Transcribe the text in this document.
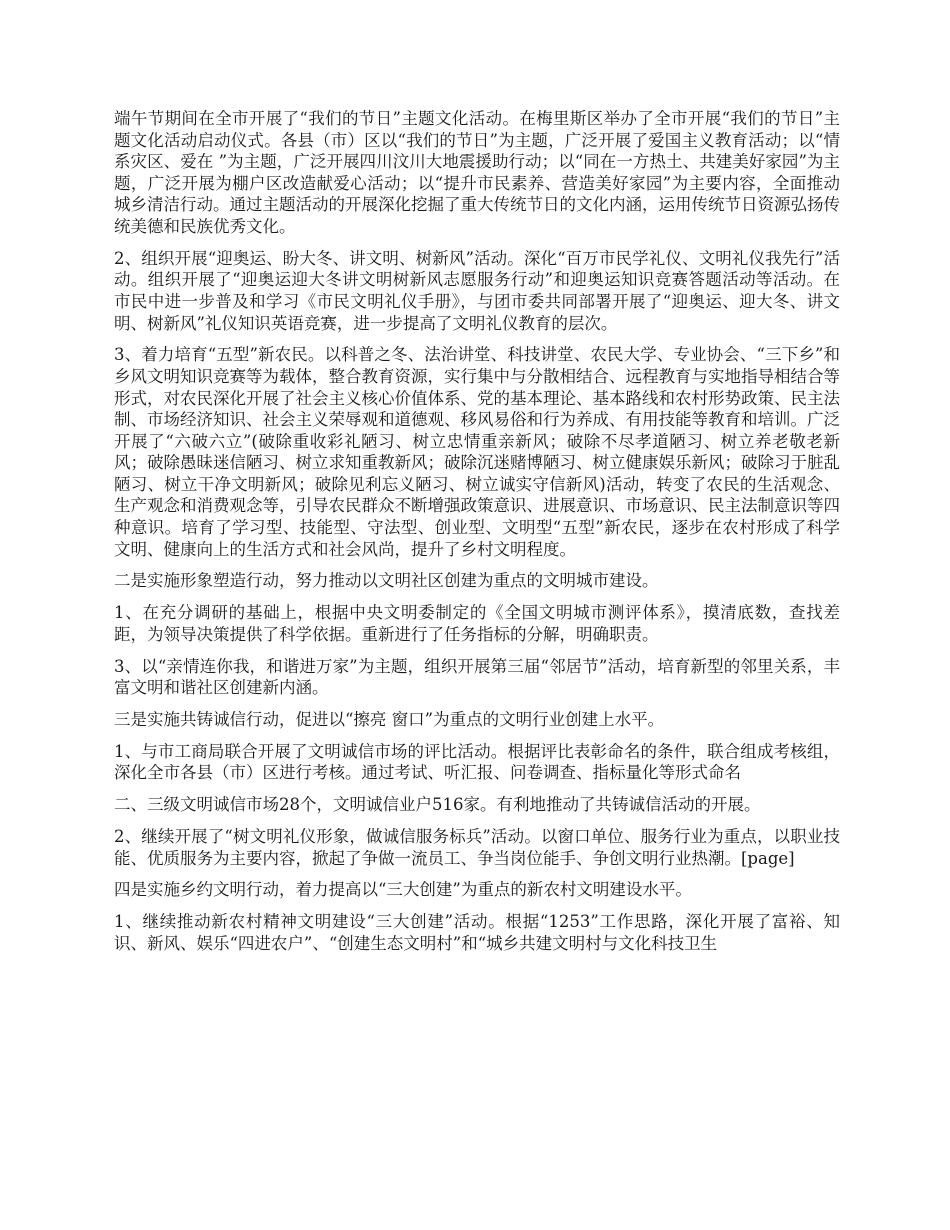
端午节期间在全市开展了“我们的节日”主题文化活动。在梅里斯区举办了全市开展“我们的节日”主题文化活动启动仪式。各县（市）区以“我们的节日”为主题，广泛开展了爱国主义教育活动；以“情系灾区、爱在 ”为主题，广泛开展四川汶川大地震援助行动；以“同在一方热土、共建美好家园”为主题，广泛开展为棚户区改造献爱心活动；以“提升市民素养、营造美好家园”为主要内容，全面推动城乡清洁行动。通过主题活动的开展深化挖掘了重大传统节日的文化内涵，运用传统节日资源弘扬传统美德和民族优秀文化。

2、组织开展“迎奥运、盼大冬、讲文明、树新风”活动。深化“百万市民学礼仪、文明礼仪我先行”活动。组织开展了“迎奥运迎大冬讲文明树新风志愿服务行动”和迎奥运知识竞赛答题活动等活动。在市民中进一步普及和学习《市民文明礼仪手册》，与团市委共同部署开展了“迎奥运、迎大冬、讲文明、树新风”礼仪知识英语竞赛，进一步提高了文明礼仪教育的层次。

3、着力培育“五型”新农民。以科普之冬、法治讲堂、科技讲堂、农民大学、专业协会、“三下乡”和乡风文明知识竞赛等为载体，整合教育资源，实行集中与分散相结合、远程教育与实地指导相结合等形式，对农民深化开展了社会主义核心价值体系、党的基本理论、基本路线和农村形势政策、民主法制、市场经济知识、社会主义荣辱观和道德观、移风易俗和行为养成、有用技能等教育和培训。广泛开展了“六破六立”(破除重收彩礼陋习、树立忠情重亲新风；破除不尽孝道陋习、树立养老敬老新风；破除愚昧迷信陋习、树立求知重教新风；破除沉迷赌博陋习、树立健康娱乐新风；破除习于脏乱陋习、树立干净文明新风；破除见利忘义陋习、树立诚实守信新风)活动，转变了农民的生活观念、生产观念和消费观念等，引导农民群众不断增强政策意识、进展意识、市场意识、民主法制意识等四种意识。培育了学习型、技能型、守法型、创业型、文明型“五型”新农民，逐步在农村形成了科学文明、健康向上的生活方式和社会风尚，提升了乡村文明程度。

二是实施形象塑造行动，努力推动以文明社区创建为重点的文明城市建设。

1、在充分调研的基础上，根据中央文明委制定的《全国文明城市测评体系》，摸清底数，查找差距，为领导决策提供了科学依据。重新进行了任务指标的分解，明确职责。

3、以“亲情连你我，和谐进万家”为主题，组织开展第三届“邻居节”活动，培育新型的邻里关系，丰富文明和谐社区创建新内涵。

三是实施共铸诚信行动，促进以“擦亮 窗口”为重点的文明行业创建上水平。

1、与市工商局联合开展了文明诚信市场的评比活动。根据评比表彰命名的条件，联合组成考核组，深化全市各县（市）区进行考核。通过考试、听汇报、问卷调查、指标量化等形式命名

二、三级文明诚信市场28个，文明诚信业户516家。有利地推动了共铸诚信活动的开展。

2、继续开展了“树文明礼仪形象，做诚信服务标兵”活动。以窗口单位、服务行业为重点，以职业技能、优质服务为主要内容，掀起了争做一流员工、争当岗位能手、争创文明行业热潮。[page]

四是实施乡约文明行动，着力提高以“三大创建”为重点的新农村文明建设水平。

1、继续推动新农村精神文明建设“三大创建”活动。根据“1253”工作思路，深化开展了富裕、知识、新风、娱乐“四进农户”、“创建生态文明村”和“城乡共建文明村与文化科技卫生
